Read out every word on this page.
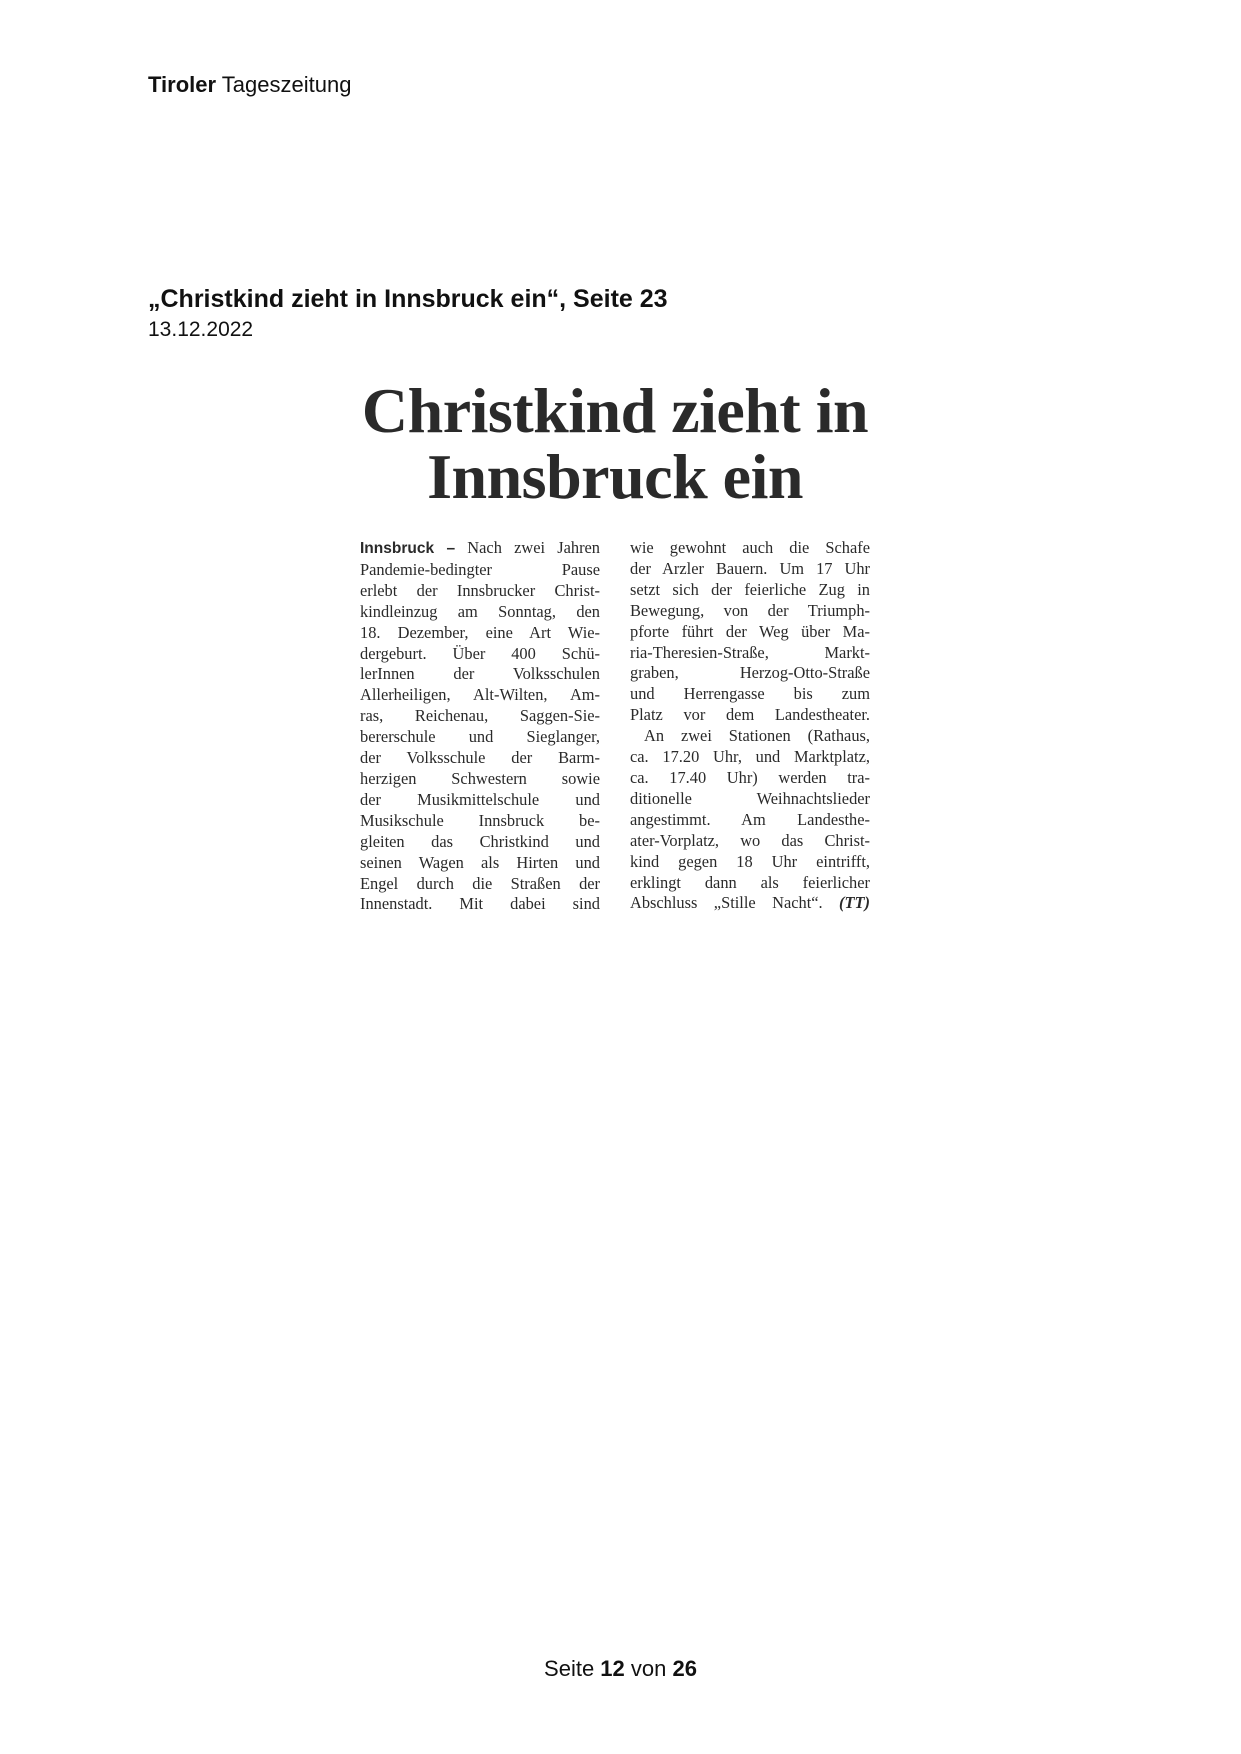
Tiroler Tageszeitung
„Christkind zieht in Innsbruck ein“, Seite 23
13.12.2022
Christkind zieht in
Innsbruck ein
Innsbruck – Nach zwei Jahren
Pandemie-bedingter Pause
erlebt der Innsbrucker Christ-
kindleinzug am Sonntag, den
18. Dezember, eine Art Wie-
dergeburt. Über 400 Schü-
lerInnen der Volksschulen
Allerheiligen, Alt-Wilten, Am-
ras, Reichenau, Saggen-Sie-
bererschule und Sieglanger,
der Volksschule der Barm-
herzigen Schwestern sowie
der Musikmittelschule und
Musikschule Innsbruck be-
gleiten das Christkind und
seinen Wagen als Hirten und
Engel durch die Straßen der
Innenstadt. Mit dabei sind
wie gewohnt auch die Schafe
der Arzler Bauern. Um 17 Uhr
setzt sich der feierliche Zug in
Bewegung, von der Triumph-
pforte führt der Weg über Ma-
ria-Theresien-Straße, Markt-
graben, Herzog-Otto-Straße
und Herrengasse bis zum
Platz vor dem Landestheater.
An zwei Stationen (Rathaus,
ca. 17.20 Uhr, und Marktplatz,
ca. 17.40 Uhr) werden tra-
ditionelle Weihnachtslieder
angestimmt. Am Landesthe-
ater-Vorplatz, wo das Christ-
kind gegen 18 Uhr eintrifft,
erklingt dann als feierlicher
Abschluss „Stille Nacht“. (TT)
Seite 12 von 26
